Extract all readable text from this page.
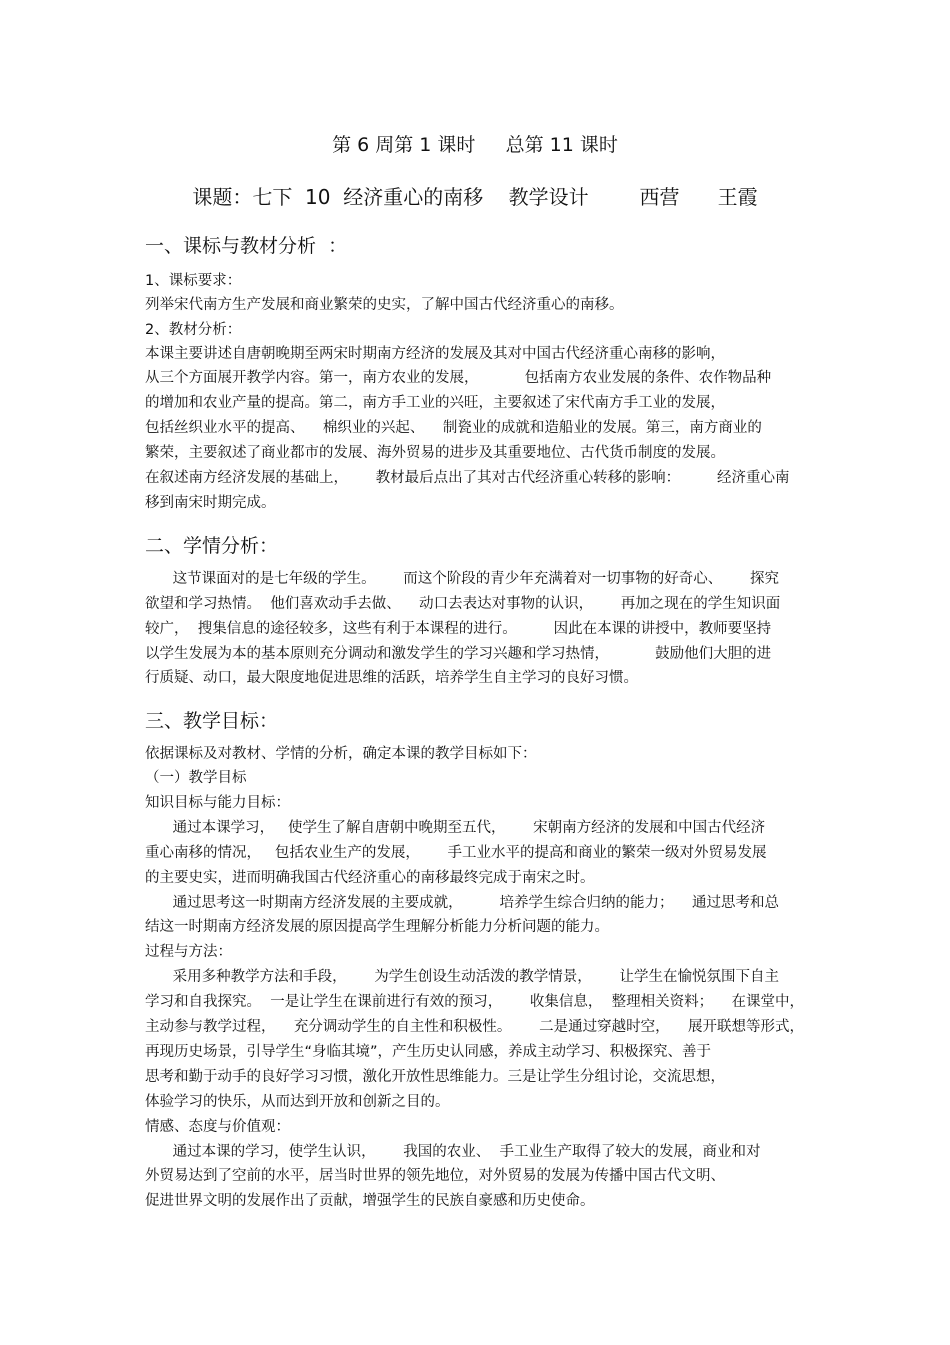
第 6 周第 1 课时     总第 11 课时
课题：七下  10  经济重心的南移    教学设计        西营      王霞
一、课标与教材分析  ：
1、课标要求：
列举宋代南方生产发展和商业繁荣的史实，了解中国古代经济重心的南移。
2、教材分析：
本课主要讲述自唐朝晚期至两宋时期南方经济的发展及其对中国古代经济重心南移的影响，
从三个方面展开教学内容。第一，南方农业的发展，          包括南方农业发展的条件、农作物品种
的增加和农业产量的提高。第二，南方手工业的兴旺，主要叙述了宋代南方手工业的发展，
包括丝织业水平的提高、    棉织业的兴起、    制瓷业的成就和造船业的发展。第三，南方商业的
繁荣，主要叙述了商业都市的发展、海外贸易的进步及其重要地位、古代货币制度的发展。
在叙述南方经济发展的基础上，      教材最后点出了其对古代经济重心转移的影响：        经济重心南
移到南宋时期完成。
二、学情分析：
这节课面对的是七年级的学生。      而这个阶段的青少年充满着对一切事物的好奇心、      探究
欲望和学习热情。  他们喜欢动手去做、    动口去表达对事物的认识，      再加之现在的学生知识面
较广，  搜集信息的途径较多，这些有利于本课程的进行。        因此在本课的讲授中，教师要坚持
以学生发展为本的基本原则充分调动和激发学生的学习兴趣和学习热情，          鼓励他们大胆的进
行质疑、动口，最大限度地促进思维的活跃，培养学生自主学习的良好习惯。
三、教学目标：
依据课标及对教材、学情的分析，确定本课的教学目标如下：
（一）教学目标
知识目标与能力目标：
通过本课学习，   使学生了解自唐朝中晚期至五代，      宋朝南方经济的发展和中国古代经济
重心南移的情况，   包括农业生产的发展，      手工业水平的提高和商业的繁荣一级对外贸易发展
的主要史实，进而明确我国古代经济重心的南移最终完成于南宋之时。
通过思考这一时期南方经济发展的主要成就，        培养学生综合归纳的能力；    通过思考和总
结这一时期南方经济发展的原因提高学生理解分析能力分析问题的能力。
过程与方法：
采用多种教学方法和手段，      为学生创设生动活泼的教学情景，      让学生在愉悦氛围下自主
学习和自我探究。  一是让学生在课前进行有效的预习，      收集信息，  整理相关资料；    在课堂中，
主动参与教学过程，    充分调动学生的自主性和积极性。      二是通过穿越时空，    展开联想等形式，
再现历史场景，引导学生“身临其境”，产生历史认同感，养成主动学习、积极探究、善于
思考和勤于动手的良好学习习惯，激化开放性思维能力。三是让学生分组讨论，交流思想，
体验学习的快乐，从而达到开放和创新之目的。
情感、态度与价值观：
通过本课的学习，使学生认识，      我国的农业、  手工业生产取得了较大的发展，商业和对
外贸易达到了空前的水平，居当时世界的领先地位，对外贸易的发展为传播中国古代文明、
促进世界文明的发展作出了贡献，增强学生的民族自豪感和历史使命。
